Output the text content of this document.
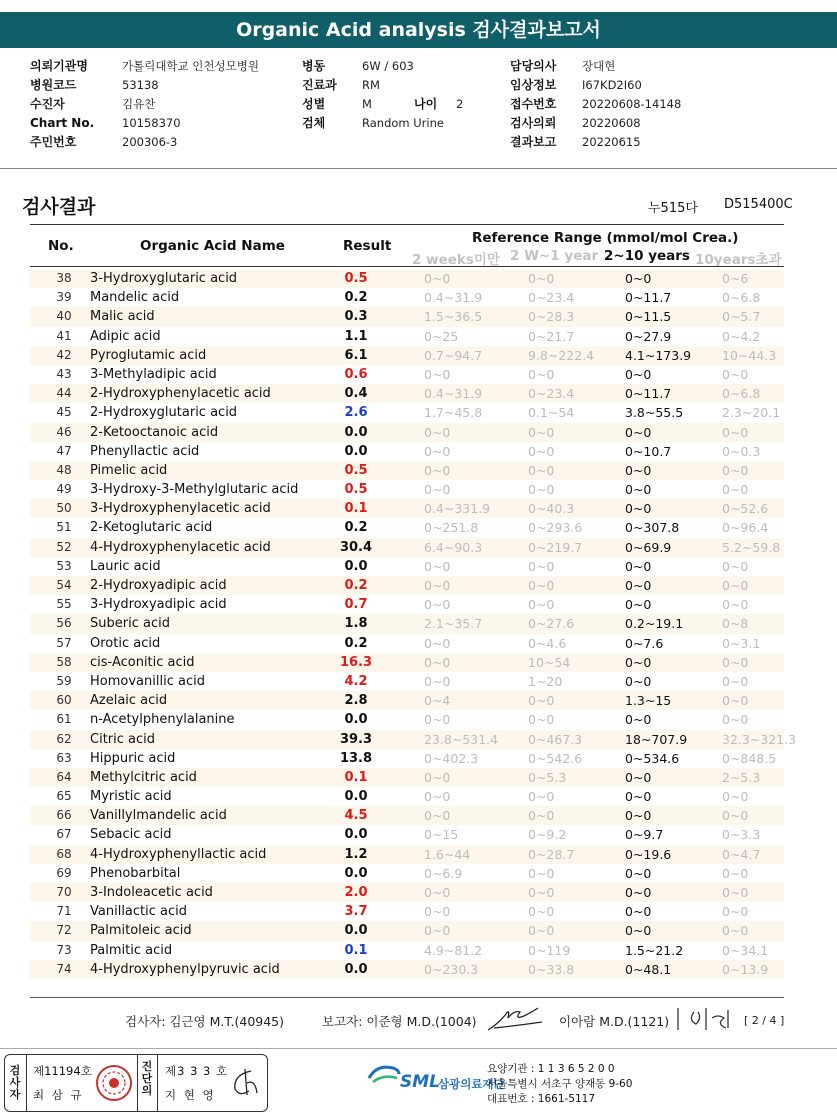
Organic Acid analysis 검사결과보고서
의뢰기관명	가톨릭대학교 인천성모병원
병원코드	53138
수진자	김유찬
Chart No. 10158370
주민번호	200306-3
병동	6W / 603
진료과 RM
성별	M	나이 2
검체	Random Urine
담당의사 장대현
임상정보 I67KD2I60
접수번호 20220608-14148
검사의뢰 20220608
결과보고 20220615
검사결과	누515다 D515400C
No.	Organic Acid Name	Result	Reference Range (mmol/mol Crea.)
2 weeks미만 2 W~1 year 2~10 years 10years초과
38	3-Hydroxyglutaric acid	0.5	0~0	0~0	0~0	0~6
39	Mandelic acid	0.2	0.4~31.9	0~23.4	0~11.7	0~6.8
40	Malic acid	0.3	1.5~36.5	0~28.3	0~11.5	0~5.7
41	Adipic acid	1.1	0~25	0~21.7	0~27.9	0~4.2
42	Pyroglutamic acid	6.1	0.7~94.7	9.8~222.4 4.1~173.9 10~44.3
43	3-Methyladipic acid	0.6	0~0	0~0	0~0	0~0
44	2-Hydroxyphenylacetic acid	0.4	0.4~31.9	0~23.4	0~11.7	0~6.8
45	2-Hydroxyglutaric acid	2.6	1.7~45.8	0.1~54	3.8~55.5	2.3~20.1
46	2-Ketooctanoic acid	0.0	0~0	0~0	0~0	0~0
47	Phenyllactic acid	0.0	0~0	0~0	0~10.7	0~0.3
48	Pimelic acid	0.5	0~0	0~0	0~0	0~0
49	3-Hydroxy-3-Methylglutaric acid	0.5	0~0	0~0	0~0	0~0
50	3-Hydroxyphenylacetic acid	0.1	0.4~331.9	0~40.3	0~0	0~52.6
51	2-Ketoglutaric acid	0.2	0~251.8	0~293.6	0~307.8	0~96.4
52	4-Hydroxyphenylacetic acid	30.4	6.4~90.3	0~219.7	0~69.9	5.2~59.8
53	Lauric acid	0.0	0~0	0~0	0~0	0~0
54	2-Hydroxyadipic acid	0.2	0~0	0~0	0~0	0~0
55	3-Hydroxyadipic acid	0.7	0~0	0~0	0~0	0~0
56	Suberic acid	1.8	2.1~35.7	0~27.6	0.2~19.1	0~8
57	Orotic acid	0.2	0~0	0~4.6	0~7.6	0~3.1
58	cis-Aconitic acid	16.3	0~0	10~54	0~0	0~0
59	Homovanillic acid	4.2	0~0	1~20	0~0	0~0
60	Azelaic acid	2.8	0~4	0~0	1.3~15	0~0
61	n-Acetylphenylalanine	0.0	0~0	0~0	0~0	0~0
62	Citric acid	39.3	23.8~531.4 0~467.3	18~707.9	32.3~321.3
63	Hippuric acid	13.8	0~402.3	0~542.6	0~534.6	0~848.5
64	Methylcitric acid	0.1	0~0	0~5.3	0~0	2~5.3
65	Myristic acid	0.0	0~0	0~0	0~0	0~0
66	Vanillylmandelic acid	4.5	0~0	0~0	0~0	0~0
67	Sebacic acid	0.0	0~15	0~9.2	0~9.7	0~3.3
68	4-Hydroxyphenyllactic acid	1.2	1.6~44	0~28.7	0~19.6	0~4.7
69	Phenobarbital	0.0	0~6.9	0~0	0~0	0~0
70	3-Indoleacetic acid	2.0	0~0	0~0	0~0	0~0
71	Vanillactic acid	3.7	0~0	0~0	0~0	0~0
72	Palmitoleic acid	0.0	0~0	0~0	0~0	0~0
73	Palmitic acid	0.1	4.9~81.2	0~119	1.5~21.2	0~34.1
74	4-Hydroxyphenylpyruvic acid	0.0	0~230.3	0~33.8	0~48.1	0~13.9
검사자: 김근영 M.T.(40945)	보고자: 이준형 M.D.(1004)	이아람 M.D.(1121)	[ 2 / 4 ]
검
사
자
제11194호
최 삼 규
진
단
의
제3 3 3 호
지 현 영
SML
삼광의료재단
요양기관 : 1 1 3 6 5 2 0 0
서울특별시 서초구 양재동 9-60
대표번호 : 1661-5117
